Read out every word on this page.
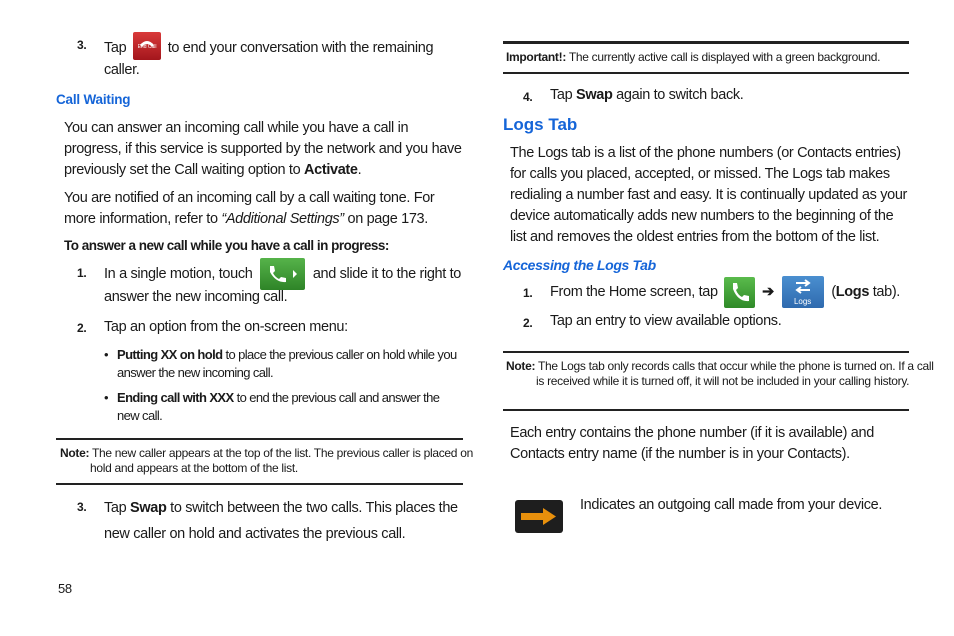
3. Tap	End Call to end your conversation with the remaining
caller.
Call Waiting
You can answer an incoming call while you have a call in progress, if this service is supported by the network and you have previously set the Call waiting option to Activate.
You are notified of an incoming call by a call waiting tone. For more information, refer to “Additional Settings” on page 173.
To answer a new call while you have a call in progress:
1. In a single motion, touch	and slide it to the right to
answer the new incoming call.
2. Tap an option from the on-screen menu:
• Putting XX on hold to place the previous caller on hold while you answer the new incoming call.
• Ending call with XXX to end the previous call and answer the new call.
Note: The new caller appears at the top of the list. The previous caller is placed on hold and appears at the bottom of the list.
3. Tap Swap to switch between the two calls. This places the new caller on hold and activates the previous call.
58
Important!: The currently active call is displayed with a green background.
4. Tap Swap again to switch back.
Logs Tab
The Logs tab is a list of the phone numbers (or Contacts entries) for calls you placed, accepted, or missed. The Logs tab makes redialing a number fast and easy. It is continually updated as your device automatically adds new numbers to the beginning of the list and removes the oldest entries from the bottom of the list.
Accessing the Logs Tab
1. From the Home screen, tap	➔
Logs
(Logs tab).
2. Tap an entry to view available options.
Note: The Logs tab only records calls that occur while the phone is turned on. If a call is received while it is turned off, it will not be included in your calling history.
Each entry contains the phone number (if it is available) and Contacts entry name (if the number is in your Contacts).
Indicates an outgoing call made from your device.
